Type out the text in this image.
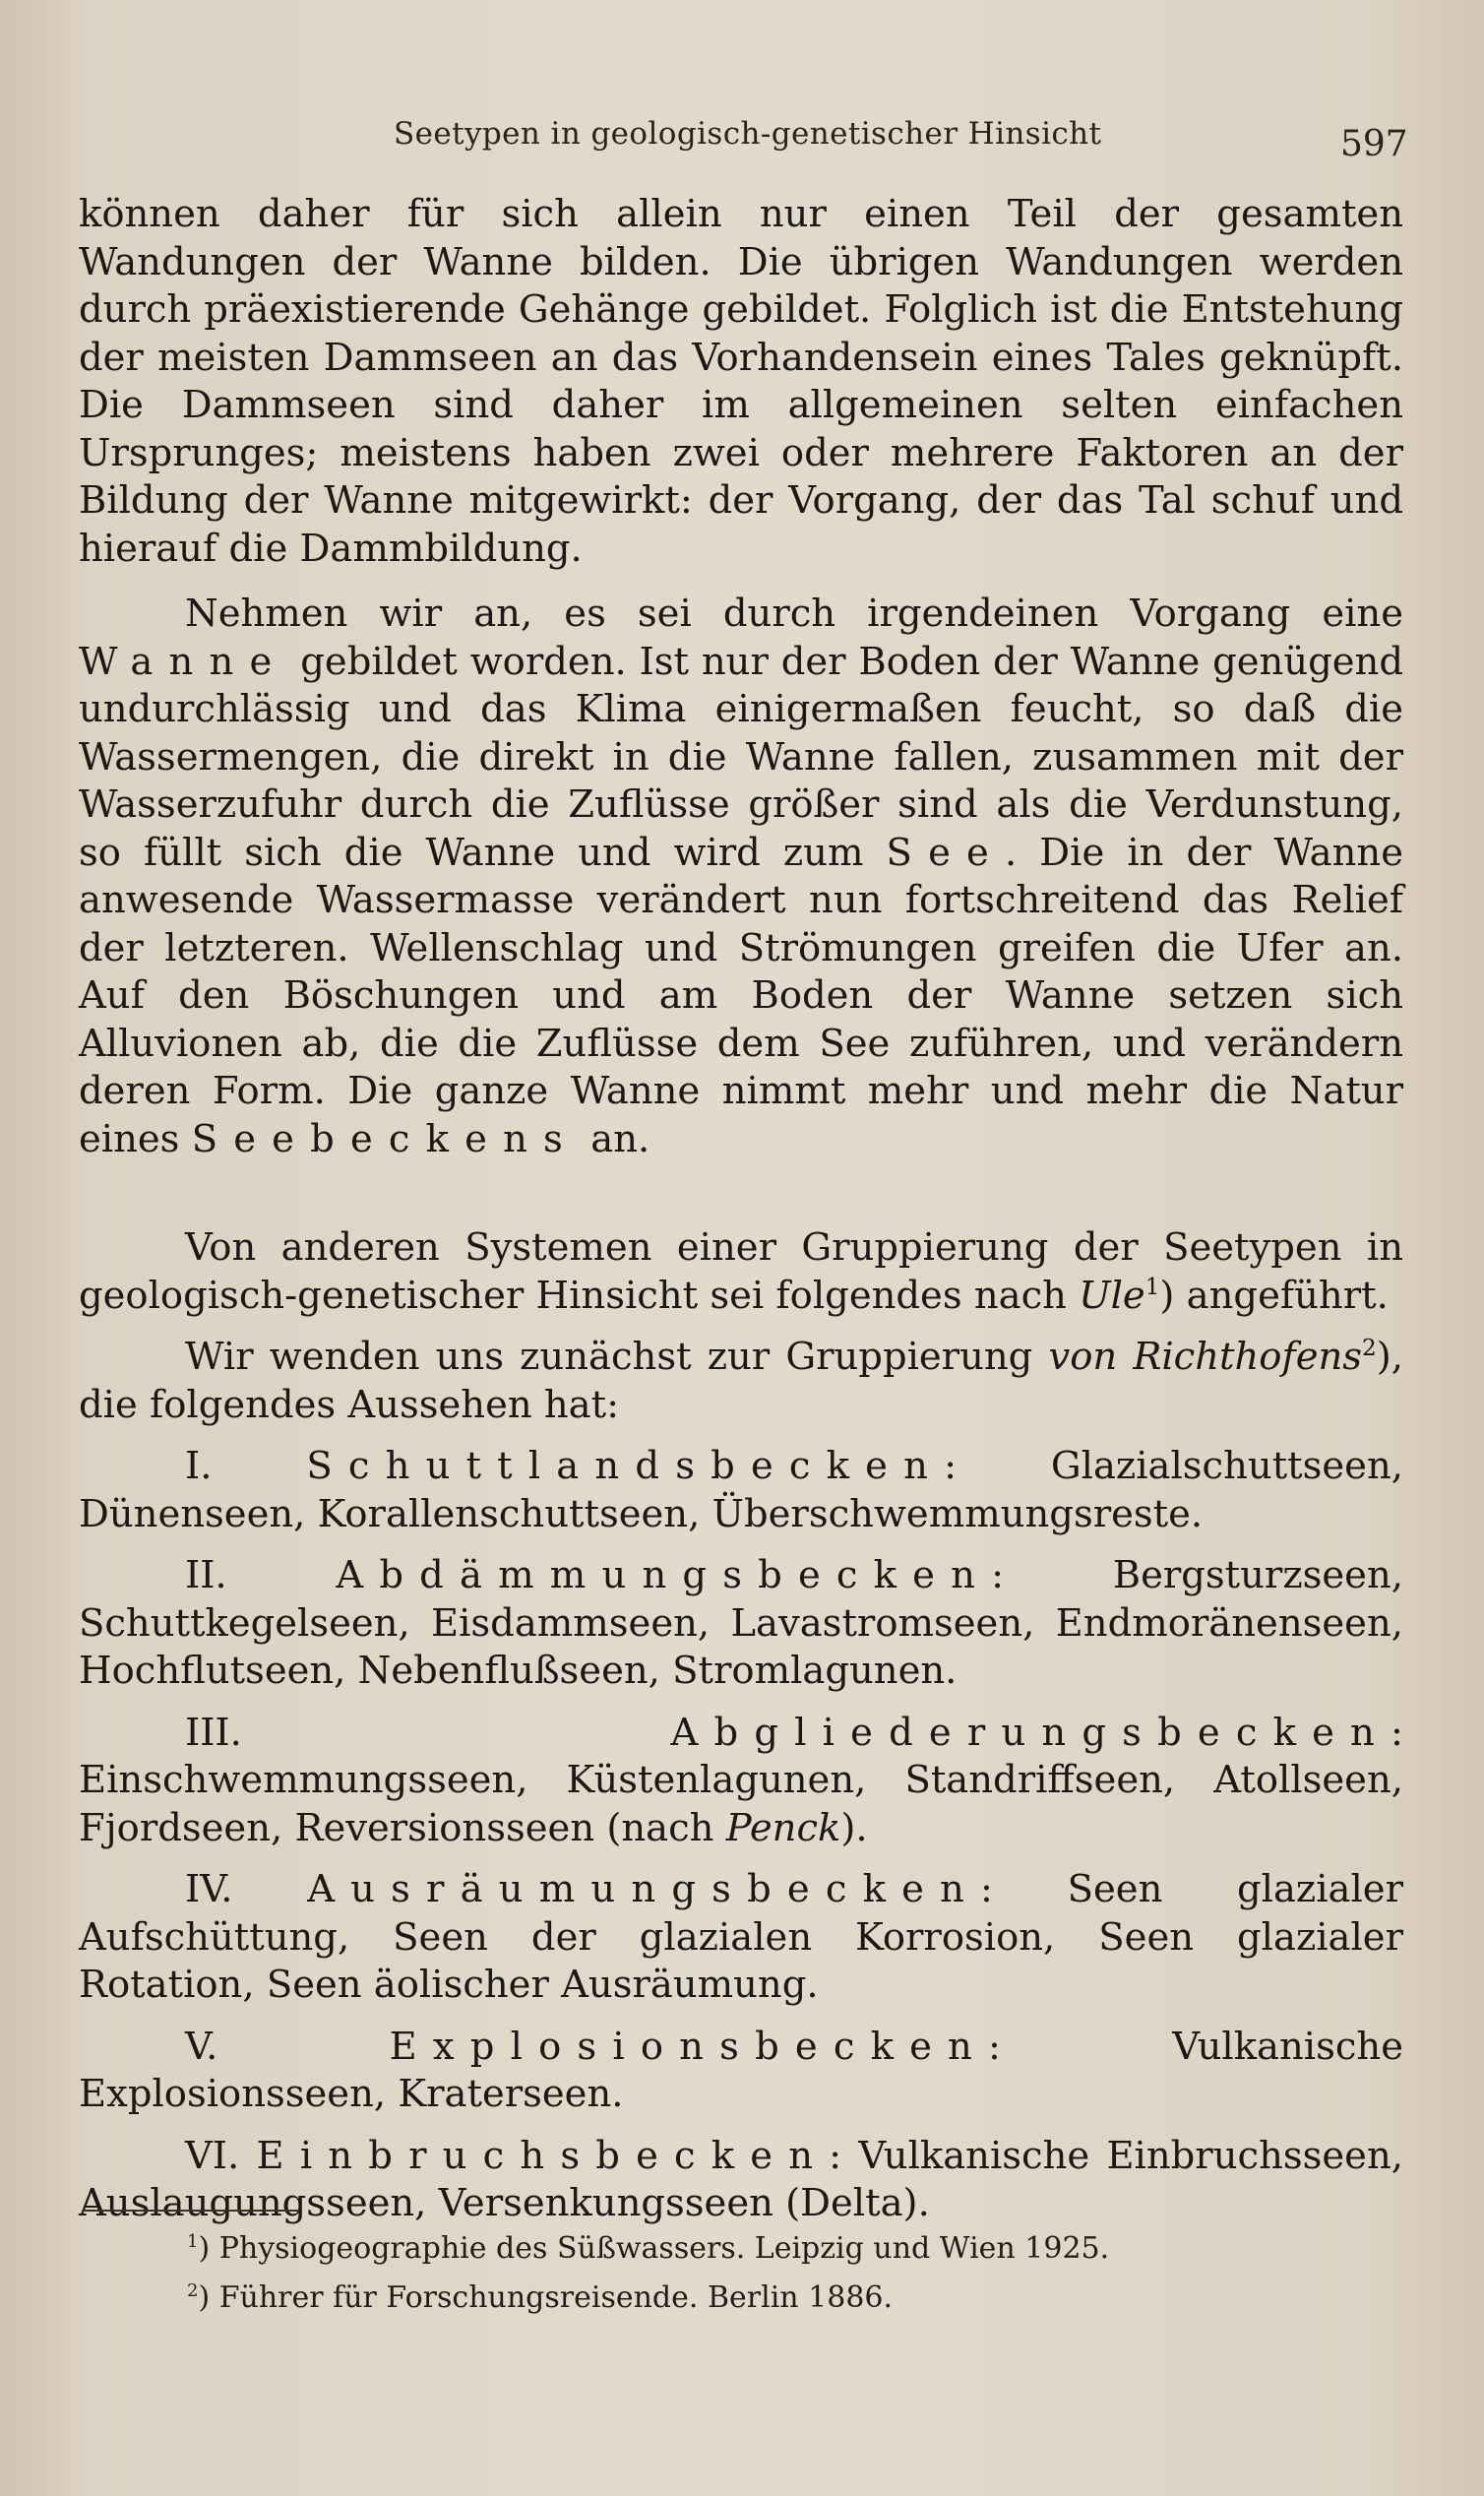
Seetypen in geologisch-genetischer Hinsicht	597

können daher für sich allein nur einen Teil der gesamten Wandungen der Wanne bilden. Die übrigen Wandungen werden durch präexistierende Gehänge gebildet. Folglich ist die Entstehung der meisten Dammseen an das Vorhandensein eines Tales geknüpft. Die Dammseen sind daher im allgemeinen selten einfachen Ursprunges; meistens haben zwei oder mehrere Faktoren an der Bildung der Wanne mitgewirkt: der Vorgang, der das Tal schuf und hierauf die Dammbildung.

Nehmen wir an, es sei durch irgendeinen Vorgang eine Wanne gebildet worden. Ist nur der Boden der Wanne genügend undurchlässig und das Klima einigermaßen feucht, so daß die Wassermengen, die direkt in die Wanne fallen, zusammen mit der Wasserzufuhr durch die Zuflüsse größer sind als die Verdunstung, so füllt sich die Wanne und wird zum See. Die in der Wanne anwesende Wassermasse verändert nun fortschreitend das Relief der letzteren. Wellenschlag und Strömungen greifen die Ufer an. Auf den Böschungen und am Boden der Wanne setzen sich Alluvionen ab, die die Zuflüsse dem See zuführen, und verändern deren Form. Die ganze Wanne nimmt mehr und mehr die Natur eines Seebeckens an.

Von anderen Systemen einer Gruppierung der Seetypen in geologisch-genetischer Hinsicht sei folgendes nach Ule$^1$) angeführt.

Wir wenden uns zunächst zur Gruppierung von Richthofens$^2$), die folgendes Aussehen hat:

I. Schuttlandsbecken: Glazialschuttseen, Dünenseen, Korallenschuttseen, Überschwemmungsreste.

II.	Abdämmungsbecken: Bergsturzseen, Schuttkegelseen, Eisdammseen, Lavastromseen, Endmoränenseen, Hochflutseen, Nebenflußseen, Stromlagunen.

III.	Abgliederungsbecken: Einschwemmungsseen, Küstenlagunen, Standriffseen, Atollseen, Fjordseen, Reversionsseen (nach Penck).

IV. Ausräumungsbecken: Seen glazialer Aufschüttung, Seen der glazialen Korrosion, Seen glazialer Rotation, Seen äolischer Ausräumung.

V.	Explosionsbecken: Vulkanische Explosionsseen, Kraterseen.

VI. Einbruchsbecken: Vulkanische Einbruchsseen, Auslaugungsseen, Versenkungsseen (Delta).

$^1$) Physiogeographie des Süßwassers. Leipzig und Wien 1925.

$^2$) Führer für Forschungsreisende. Berlin 1886.
